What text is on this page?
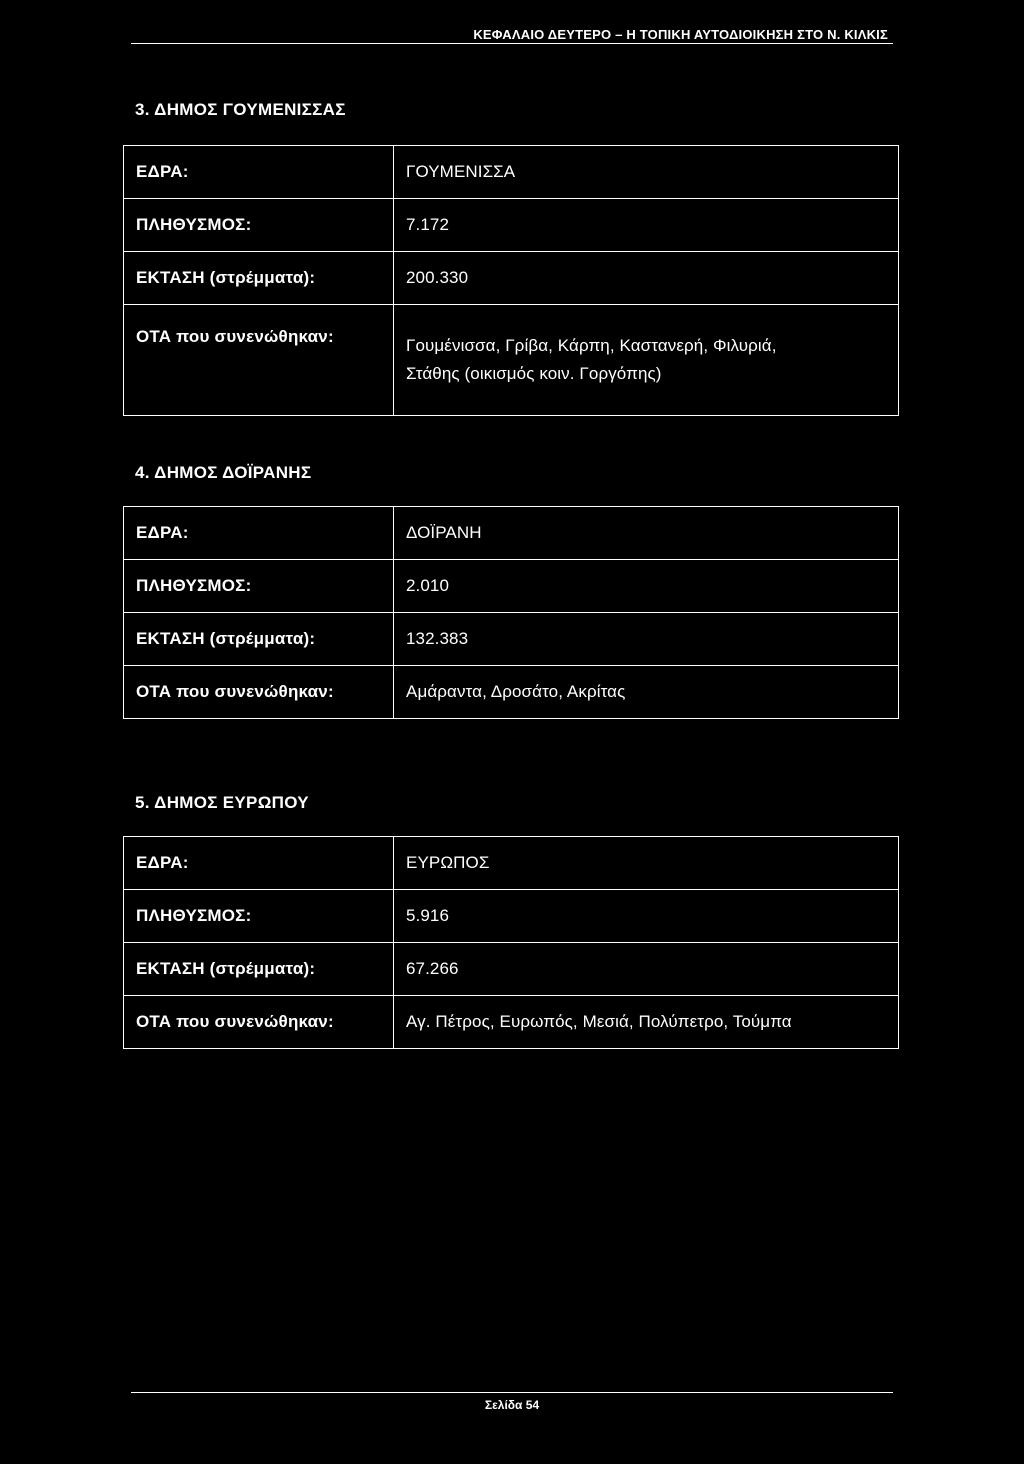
ΚΕΦΑΛΑΙΟ ΔΕΥΤΕΡΟ – Η ΤΟΠΙΚΗ ΑΥΤΟΔΙΟΙΚΗΣΗ ΣΤΟ Ν. ΚΙΛΚΙΣ
3. ΔΗΜΟΣ ΓΟΥΜΕΝΙΣΣΑΣ
ΕΔΡΑ:	ΓΟΥΜΕΝΙΣΣΑ
ΠΛΗΘΥΣΜΟΣ:	7.172
ΕΚΤΑΣΗ (στρέμματα):	200.330
ΟΤΑ που συνενώθηκαν:	Γουμένισσα, Γρίβα, Κάρπη, Καστανερή, Φιλυριά,
Στάθης (οικισμός κοιν. Γοργόπης)
4. ΔΗΜΟΣ ΔΟΪΡΑΝΗΣ
ΕΔΡΑ:	ΔΟΪΡΑΝΗ
ΠΛΗΘΥΣΜΟΣ:	2.010
ΕΚΤΑΣΗ (στρέμματα):	132.383
ΟΤΑ που συνενώθηκαν:	Αμάραντα, Δροσάτο, Ακρίτας
5. ΔΗΜΟΣ ΕΥΡΩΠΟΥ
ΕΔΡΑ:	ΕΥΡΩΠΟΣ
ΠΛΗΘΥΣΜΟΣ:	5.916
ΕΚΤΑΣΗ (στρέμματα):	67.266
ΟΤΑ που συνενώθηκαν:	Αγ. Πέτρος, Ευρωπός, Μεσιά, Πολύπετρο, Τούμπα
Σελίδα 54
